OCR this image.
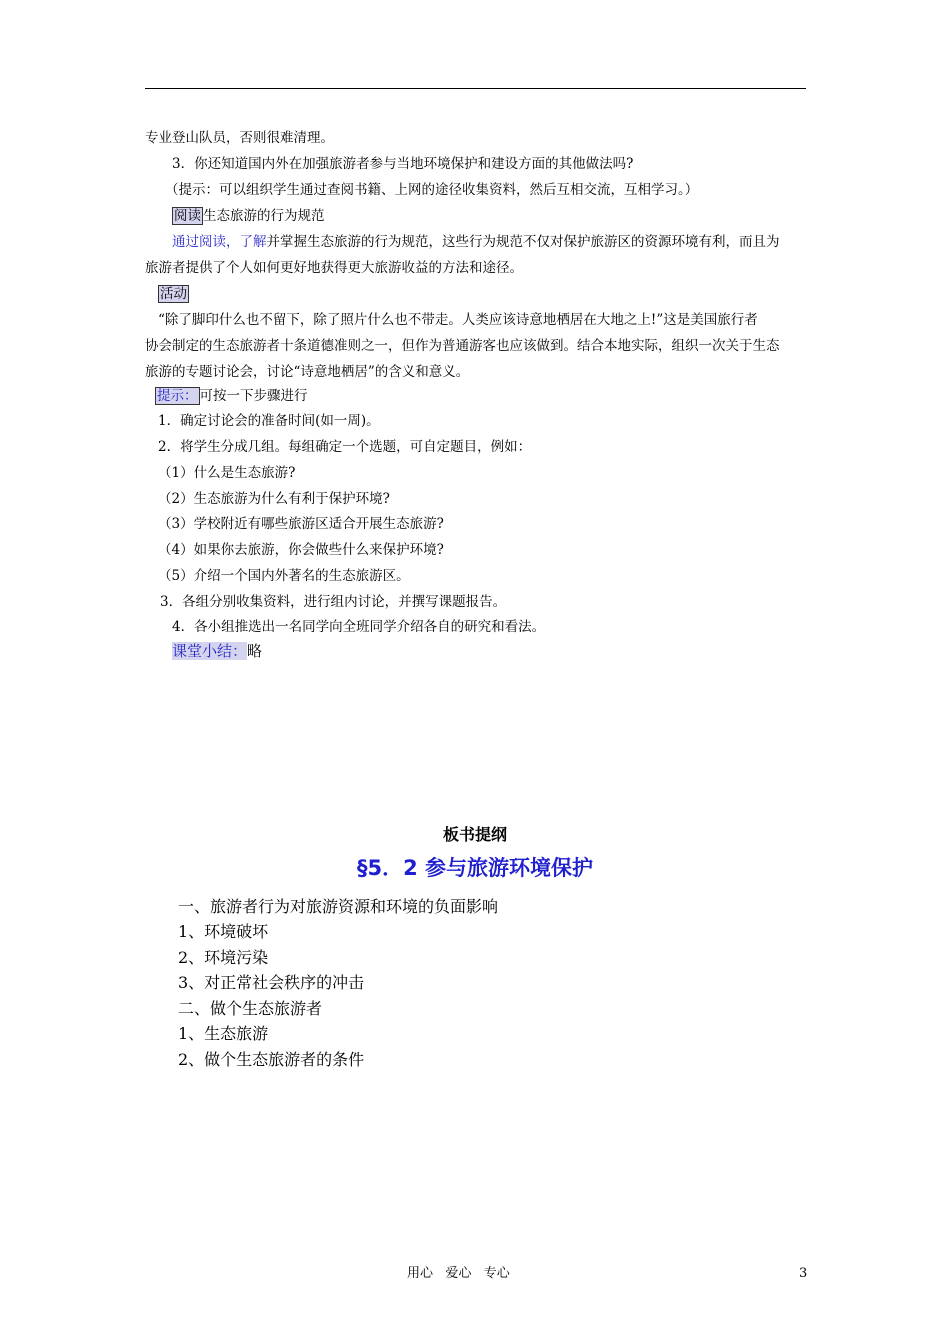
专业登山队员，否则很难清理。

3．你还知道国内外在加强旅游者参与当地环境保护和建设方面的其他做法吗?

（提示：可以组织学生通过查阅书籍、上网的途径收集资料，然后互相交流，互相学习。）

阅读 生态旅游的行为规范

通过阅读，了解并掌握生态旅游的行为规范，这些行为规范不仅对保护旅游区的资源环境有利，而且为

旅游者提供了个人如何更好地获得更大旅游收益的方法和途径。

活动

“除了脚印什么也不留下，除了照片什么也不带走。人类应该诗意地栖居在大地之上!”这是美国旅行者

协会制定的生态旅游者十条道德准则之一，但作为普通游客也应该做到。结合本地实际，组织一次关于生态

旅游的专题讨论会，讨论“诗意地栖居”的含义和意义。

提示： 可按一下步骤进行

1．确定讨论会的准备时间(如一周)。

2．将学生分成几组。每组确定一个选题，可自定题目，例如：

（1）什么是生态旅游?

（2）生态旅游为什么有利于保护环境?

（3）学校附近有哪些旅游区适合开展生态旅游?

（4）如果你去旅游，你会做些什么来保护环境?

（5）介绍一个国内外著名的生态旅游区。

3．各组分别收集资料，进行组内讨论，并撰写课题报告。

4．各小组推选出一名同学向全班同学介绍各自的研究和看法。

课堂小结：略

板书提纲

§5．2 参与旅游环境保护

一、旅游者行为对旅游资源和环境的负面影响

1、环境破坏

2、环境污染

3、对正常社会秩序的冲击

二、做个生态旅游者

1、生态旅游

2、做个生态旅游者的条件

用心   爱心   专心	3
